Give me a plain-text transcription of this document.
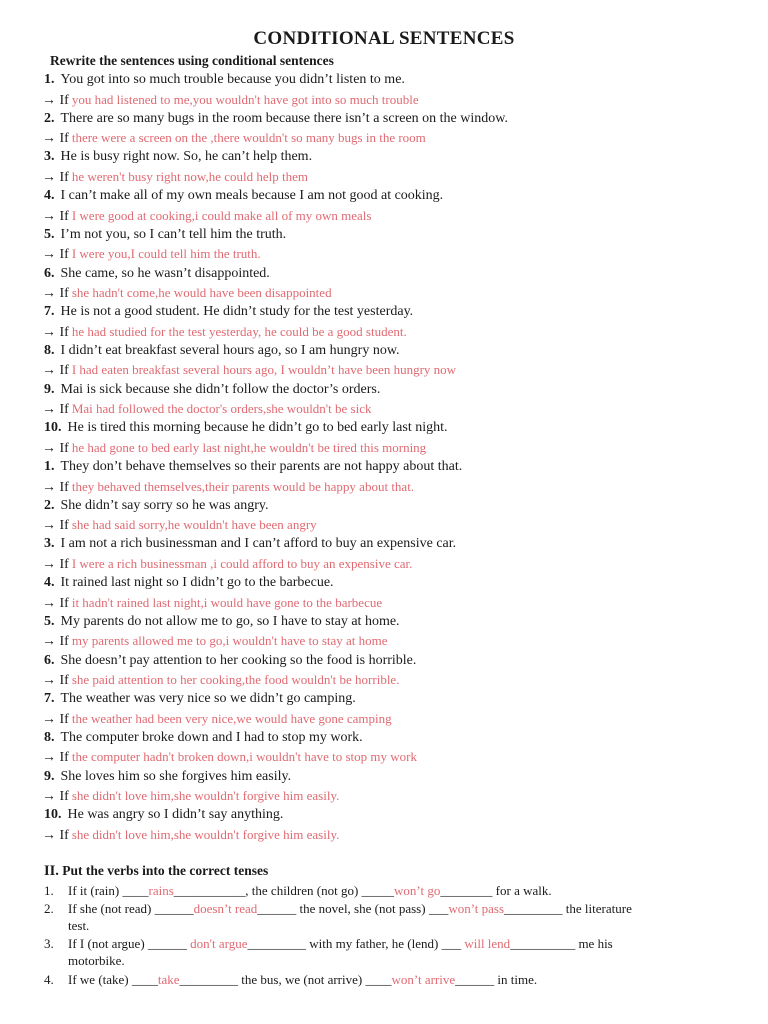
CONDITIONAL SENTENCES
Rewrite the sentences using conditional sentences
1. You got into so much trouble because you didn’t listen to me.
→ If you had listened to me,you wouldn't have got into so much trouble
2. There are so many bugs in the room because there isn’t a screen on the window.
→ If there were a screen on the ,there wouldn't so many bugs in the room
3. He is busy right now. So, he can’t help them.
→ If he weren't busy right now,he could help them
4. I can’t make all of my own meals because I am not good at cooking.
→ If I were good at cooking,i could make all of my own meals
5. I’m not you, so I can’t tell him the truth.
→ If I were you,I could tell him the truth.
6. She came, so he wasn’t disappointed.
→ If she hadn't come,he would have been disappointed
7. He is not a good student. He didn’t study for the test yesterday.
→ If he had studied for the test yesterday, he could be a good student.
8. I didn’t eat breakfast several hours ago, so I am hungry now.
→ If I had eaten breakfast several hours ago, I wouldn’t have been hungry now
9. Mai is sick because she didn’t follow the doctor’s orders.
→ If Mai had followed the doctor's orders,she wouldn't be sick
10. He is tired this morning because he didn’t go to bed early last night.
→ If he had gone to bed early last night,he wouldn't be tired this morning
1. They don’t behave themselves so their parents are not happy about that.
→ If they behaved themselves,their parents would be happy about that.
2. She didn’t say sorry so he was angry.
→ If she had said sorry,he wouldn't have been angry
3. I am not a rich businessman and I can’t afford to buy an expensive car.
→ If I were a rich businessman ,i could afford to buy an expensive car.
4. It rained last night so I didn’t go to the barbecue.
→ If it hadn't rained last night,i would have gone to the barbecue
5. My parents do not allow me to go, so I have to stay at home.
→ If my parents allowed me to go,i wouldn't have to stay at home
6. She doesn’t pay attention to her cooking so the food is horrible.
→ If she paid attention to her cooking,the food wouldn't be horrible.
7. The weather was very nice so we didn’t go camping.
→ If the weather had been very nice,we would have gone camping
8. The computer broke down and I had to stop my work.
→ If the computer hadn't broken down,i wouldn't have to stop my work
9. She loves him so she forgives him easily.
→ If she didn't love him,she wouldn't forgive him easily.
10. He was angry so I didn’t say anything.
→ If she didn't love him,she wouldn't forgive him easily.
II. Put the verbs into the correct tenses
1. If it (rain) ____rains___________, the children (not go) _____won’t go________ for a walk.
2. If she (not read) ______doesn’t read______ the novel, she (not pass) ___won’t pass_________ the literature
test.
3. If I (not argue) ______ don't argue_________ with my father, he (lend) ___ will lend__________ me his
motorbike.
4. If we (take) ____take_________ the bus, we (not arrive) ____won’t arrive______ in time.
